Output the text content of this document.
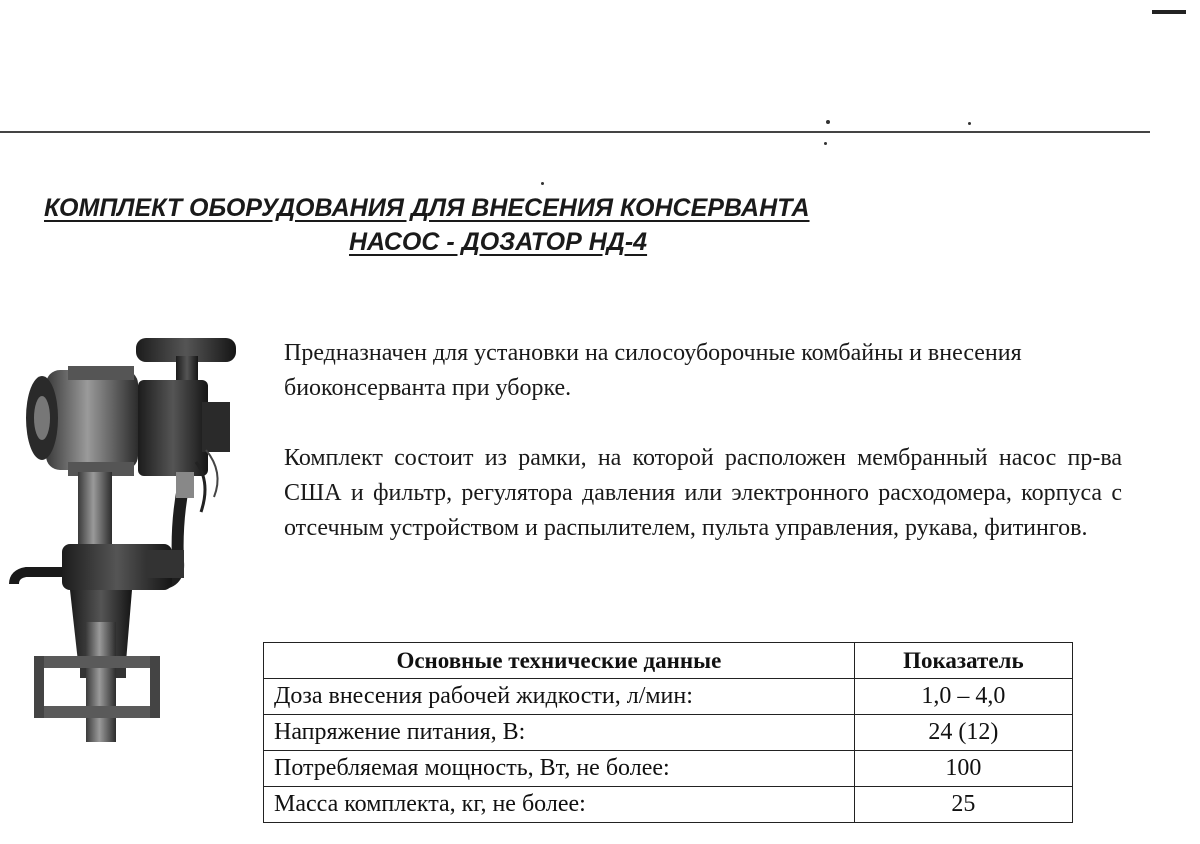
КОМПЛЕКТ ОБОРУДОВАНИЯ ДЛЯ ВНЕСЕНИЯ КОНСЕРВАНТА
НАСОС - ДОЗАТОР НД-4
Предназначен для установки на силосоуборочные комбайны и внесения биоконсерванта при уборке.
Комплект состоит из рамки, на которой расположен мембранный насос пр-ва США и фильтр, регулятора давления или электронного расходомера, корпуса с отсечным устройством и распылителем, пульта управления, рукава, фитингов.
Основные технические данные	Показатель
Доза внесения рабочей жидкости, л/мин:	1,0 – 4,0
Напряжение питания, В:	24 (12)
Потребляемая мощность, Вт, не более:	100
Масса комплекта, кг, не более:	25
